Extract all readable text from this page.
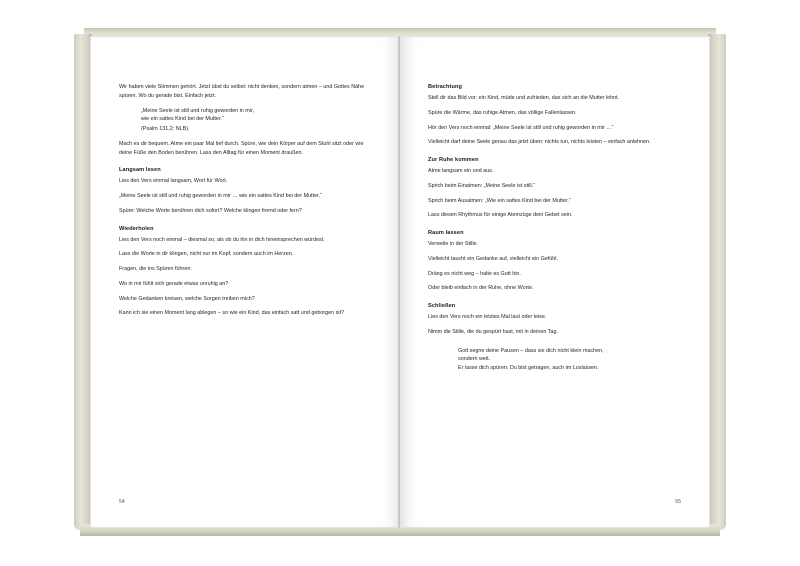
Wir haben viele Stimmen gehört. Jetzt übst du selbst: nicht denken, sondern atmen – und Gottes Nähe spüren. Wo du gerade bist. Einfach jetzt.

„Meine Seele ist still und ruhig geworden in mir,
wie ein sattes Kind bei der Mutter.“
(Psalm 131,2; NLB).

Mach es dir bequem. Atme ein paar Mal tief durch. Spüre, wie dein Körper auf dem Stuhl sitzt oder wie deine Füße den Boden berühren. Lass den Alltag für einen Moment draußen.

Langsam lesen

Lies den Vers einmal langsam, Wort für Wort.

„Meine Seele ist still und ruhig geworden in mir … wie ein sattes Kind bei der Mutter.“

Spüre: Welche Worte berühren dich sofort? Welche klingen fremd oder fern?

Wiederholen

Lies den Vers noch einmal – diesmal so, als ob du ihn in dich hineinsprechen würdest.

Lass die Worte in dir klingen, nicht nur im Kopf, sondern auch im Herzen.

Fragen, die ins Spüren führen:

Wo in mir fühlt sich gerade etwas unruhig an?

Welche Gedanken kreisen, welche Sorgen treiben mich?

Kann ich sie einen Moment lang ablegen – so wie ein Kind, das einfach satt und geborgen ist?

54
Betrachtung

Stell dir das Bild vor: ein Kind, müde und zufrieden, das sich an die Mutter lehnt.

Spüre die Wärme, das ruhige Atmen, das völlige Fallenlassen.

Hör den Vers noch einmal: „Meine Seele ist still und ruhig geworden in mir …“

Vielleicht darf deine Seele genau das jetzt üben: nichts tun, nichts leisten – einfach anlehnen.

Zur Ruhe kommen

Atme langsam ein und aus.

Sprich beim Einatmen: „Meine Seele ist still.“

Sprich beim Ausatmen: „Wie ein sattes Kind bei der Mutter.“

Lass diesen Rhythmus für einige Atemzüge dein Gebet sein.

Raum lassen

Verweile in der Stille.

Vielleicht taucht ein Gedanke auf, vielleicht ein Gefühl.

Dräng es nicht weg – halte es Gott hin.

Oder bleib einfach in der Ruhe, ohne Worte.

Schließen

Lies den Vers noch ein letztes Mal laut oder leise.

Nimm die Stille, die du gespürt hast, mit in deinen Tag.

Gott segne deine Pausen – dass sie dich nicht klein machen,
sondern weit.
Er lasse dich spüren: Du bist getragen, auch im Loslassen.
55
